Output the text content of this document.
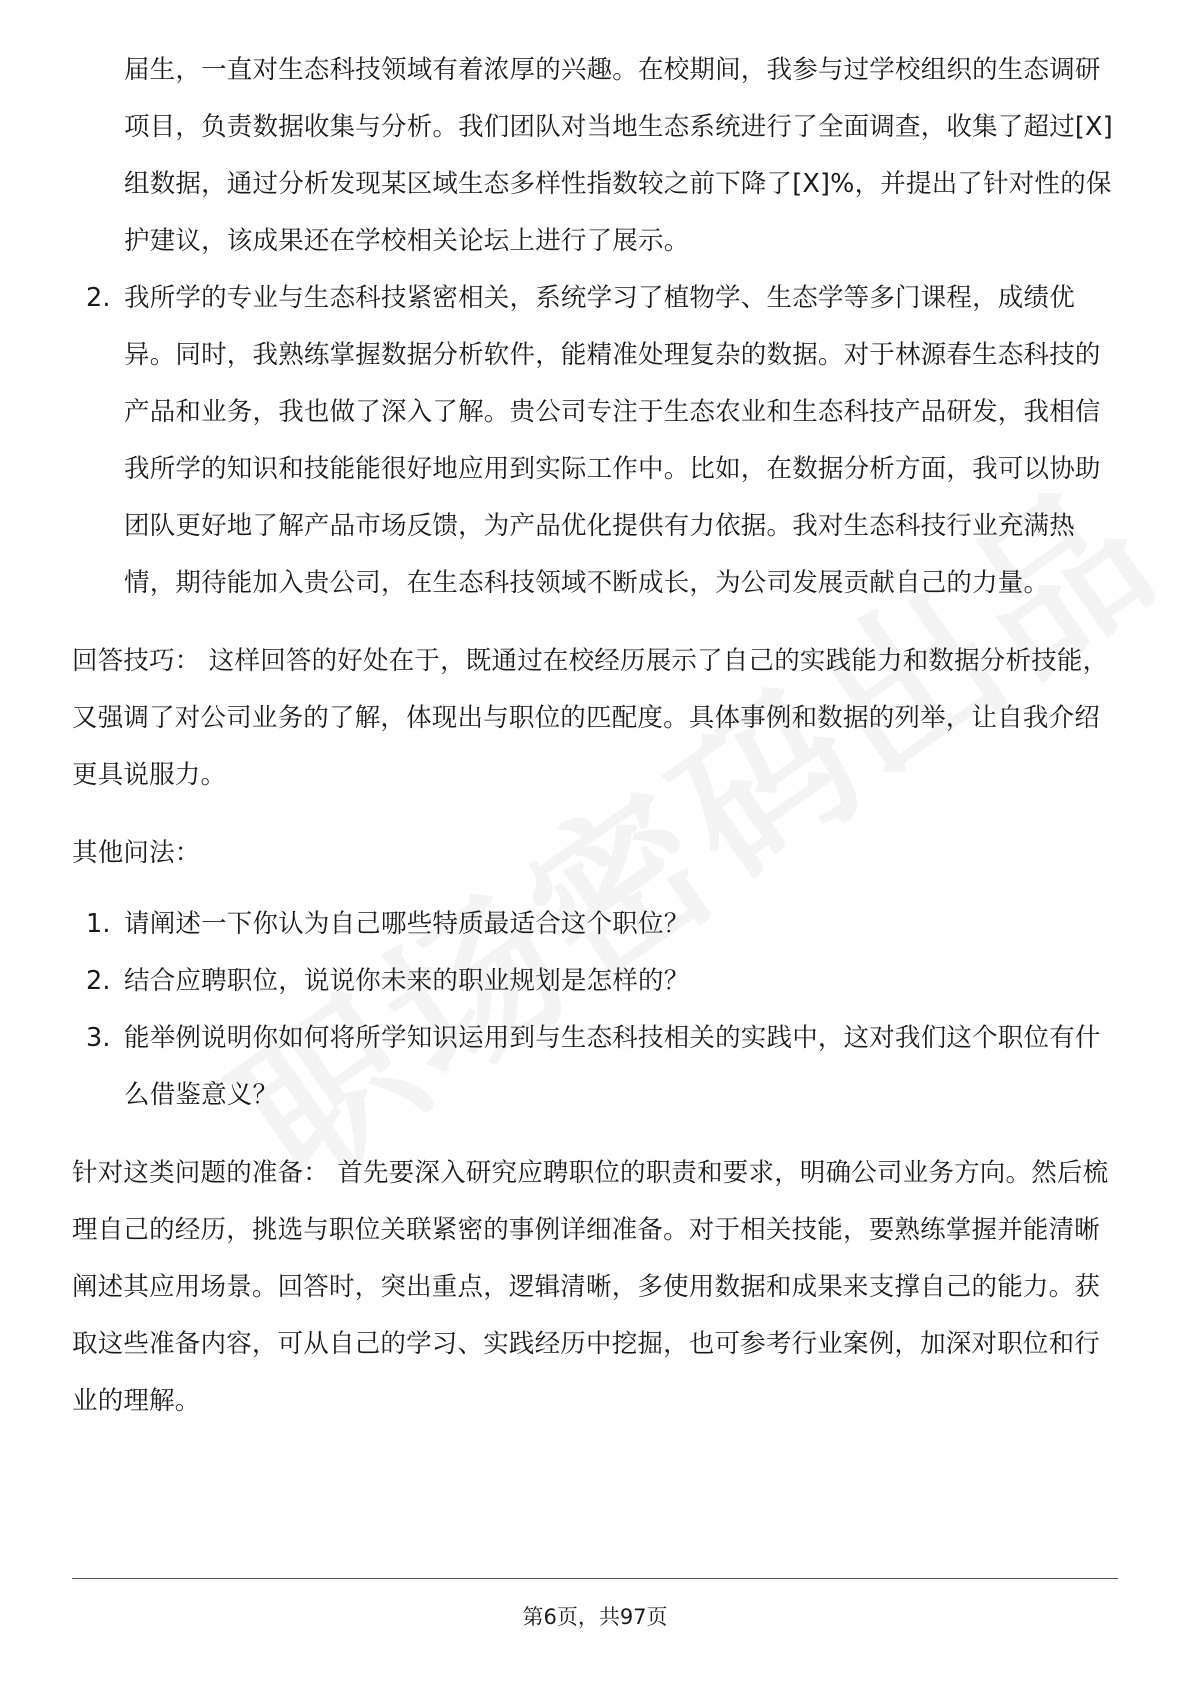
届生，一直对生态科技领域有着浓厚的兴趣。在校期间，我参与过学校组织的生态调研项目，负责数据收集与分析。我们团队对当地生态系统进行了全面调查，收集了超过[X]组数据，通过分析发现某区域生态多样性指数较之前下降了[X]%，并提出了针对性的保护建议，该成果还在学校相关论坛上进行了展示。
2. 我所学的专业与生态科技紧密相关，系统学习了植物学、生态学等多门课程，成绩优异。同时，我熟练掌握数据分析软件，能精准处理复杂的数据。对于林源春生态科技的产品和业务，我也做了深入了解。贵公司专注于生态农业和生态科技产品研发，我相信我所学的知识和技能能很好地应用到实际工作中。比如，在数据分析方面，我可以协助团队更好地了解产品市场反馈，为产品优化提供有力依据。我对生态科技行业充满热情，期待能加入贵公司，在生态科技领域不断成长，为公司发展贡献自己的力量。

回答技巧： 这样回答的好处在于，既通过在校经历展示了自己的实践能力和数据分析技能，又强调了对公司业务的了解，体现出与职位的匹配度。具体事例和数据的列举，让自我介绍更具说服力。

其他问法：

1. 请阐述一下你认为自己哪些特质最适合这个职位？
2. 结合应聘职位，说说你未来的职业规划是怎样的？
3. 能举例说明你如何将所学知识运用到与生态科技相关的实践中，这对我们这个职位有什么借鉴意义？

针对这类问题的准备： 首先要深入研究应聘职位的职责和要求，明确公司业务方向。然后梳理自己的经历，挑选与职位关联紧密的事例详细准备。对于相关技能，要熟练掌握并能清晰阐述其应用场景。回答时，突出重点，逻辑清晰，多使用数据和成果来支撑自己的能力。获取这些准备内容，可从自己的学习、实践经历中挖掘，也可参考行业案例，加深对职位和行业的理解。

第6页，共97页
